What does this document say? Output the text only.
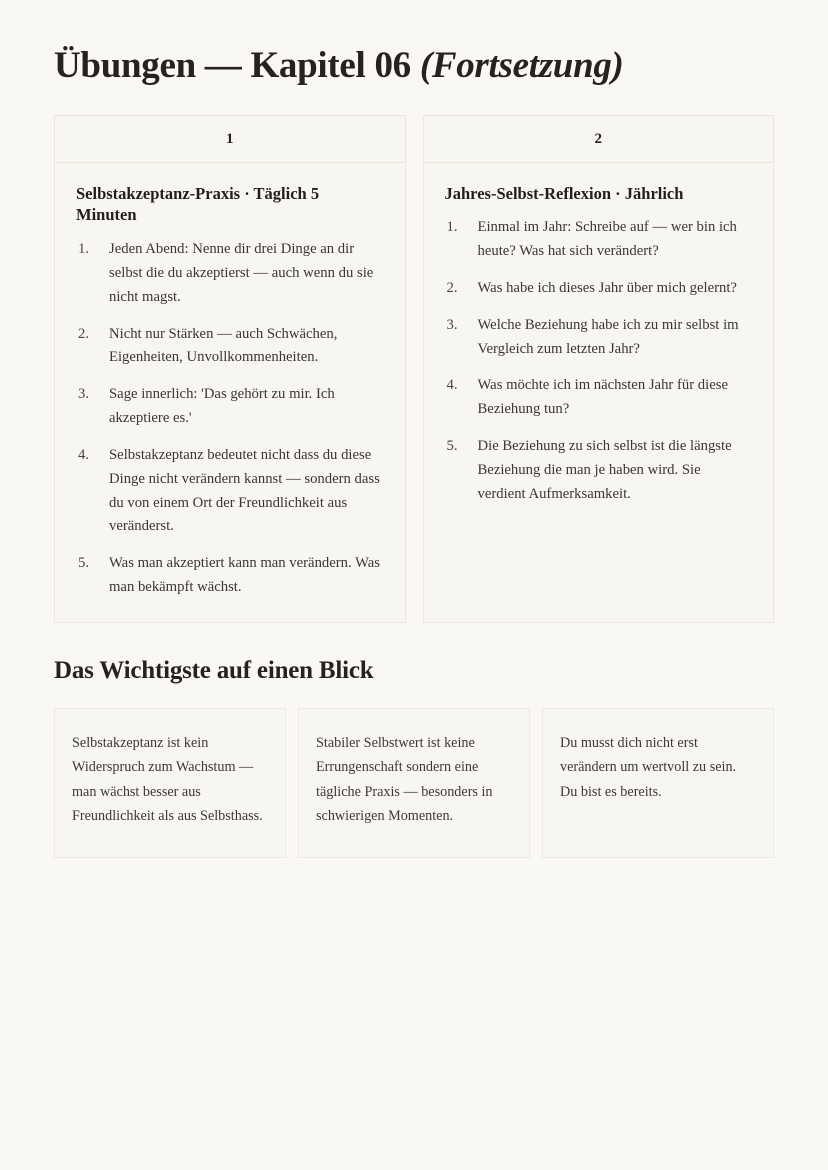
Übungen — Kapitel 06 (Fortsetzung)
1
Selbstakzeptanz-Praxis · Täglich 5 Minuten
Jeden Abend: Nenne dir drei Dinge an dir selbst die du akzeptierst — auch wenn du sie nicht magst.
Nicht nur Stärken — auch Schwächen, Eigenheiten, Unvollkommenheiten.
Sage innerlich: 'Das gehört zu mir. Ich akzeptiere es.'
Selbstakzeptanz bedeutet nicht dass du diese Dinge nicht verändern kannst — sondern dass du von einem Ort der Freundlichkeit aus veränderst.
Was man akzeptiert kann man verändern. Was man bekämpft wächst.
2
Jahres-Selbst-Reflexion · Jährlich
Einmal im Jahr: Schreibe auf — wer bin ich heute? Was hat sich verändert?
Was habe ich dieses Jahr über mich gelernt?
Welche Beziehung habe ich zu mir selbst im Vergleich zum letzten Jahr?
Was möchte ich im nächsten Jahr für diese Beziehung tun?
Die Beziehung zu sich selbst ist die längste Beziehung die man je haben wird. Sie verdient Aufmerksamkeit.
Das Wichtigste auf einen Blick
Selbstakzeptanz ist kein Widerspruch zum Wachstum — man wächst besser aus Freundlichkeit als aus Selbsthass.
Stabiler Selbstwert ist keine Errungenschaft sondern eine tägliche Praxis — besonders in schwierigen Momenten.
Du musst dich nicht erst verändern um wertvoll zu sein. Du bist es bereits.
